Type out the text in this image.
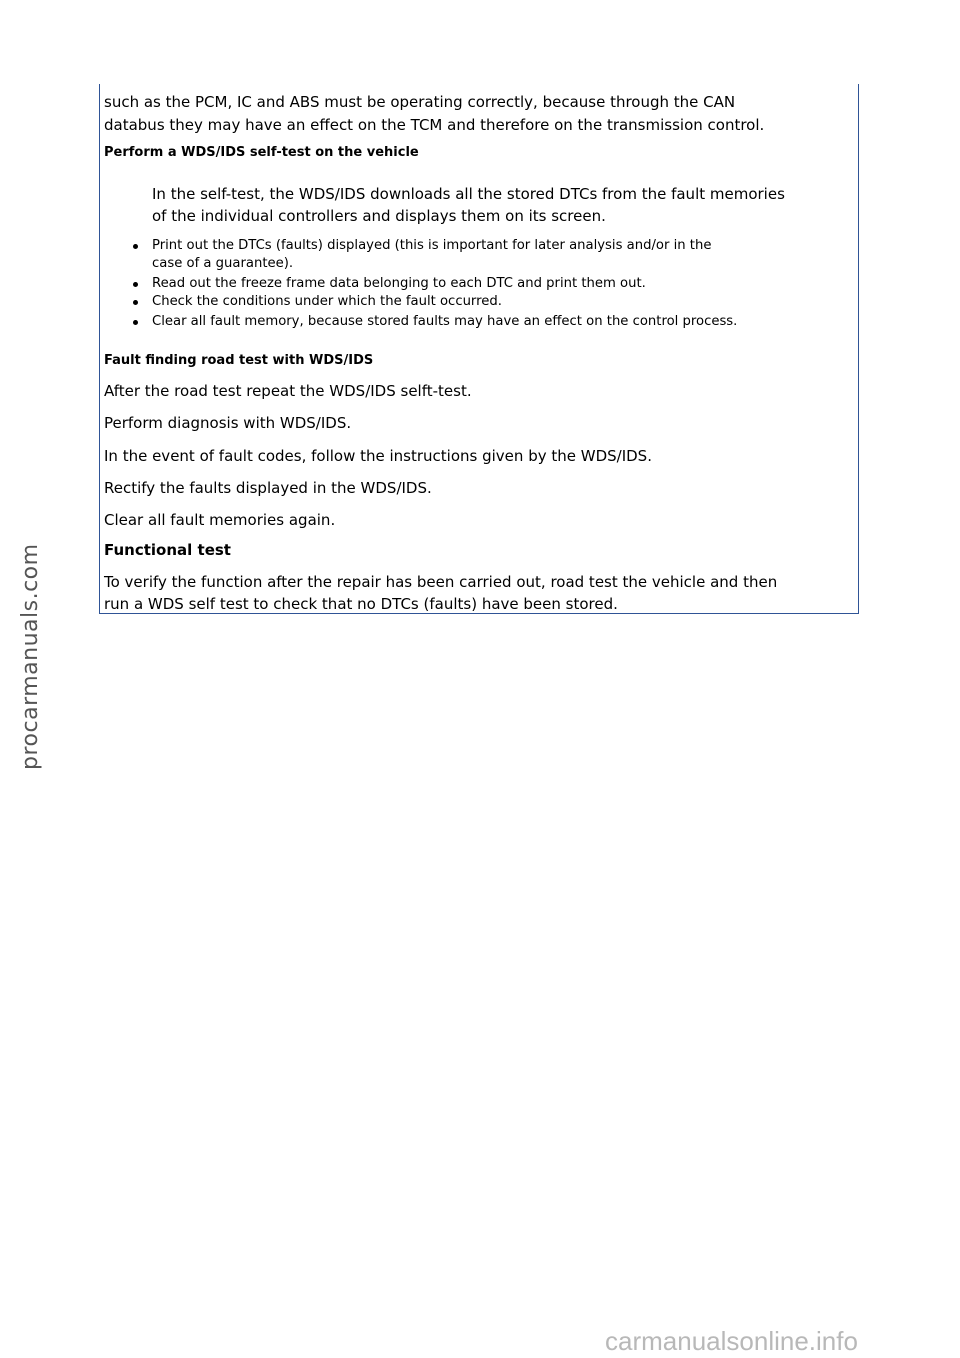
such as the PCM, IC and ABS must be operating correctly, because through the CAN
databus they may have an effect on the TCM and therefore on the transmission control.
Perform a WDS/IDS self-test on the vehicle
In the self-test, the WDS/IDS downloads all the stored DTCs from the fault memories
of the individual controllers and displays them on its screen.
Print out the DTCs (faults) displayed (this is important for later analysis and/or in the
case of a guarantee).
Read out the freeze frame data belonging to each DTC and print them out.
Check the conditions under which the fault occurred.
Clear all fault memory, because stored faults may have an effect on the control process.
Fault finding road test with WDS/IDS
After the road test repeat the WDS/IDS selft-test.
Perform diagnosis with WDS/IDS.
In the event of fault codes, follow the instructions given by the WDS/IDS.
Rectify the faults displayed in the WDS/IDS.
Clear all fault memories again.
Functional test
To verify the function after the repair has been carried out, road test the vehicle and then
run a WDS self test to check that no DTCs (faults) have been stored.
procarmanuals.com
carmanualsonline.info
